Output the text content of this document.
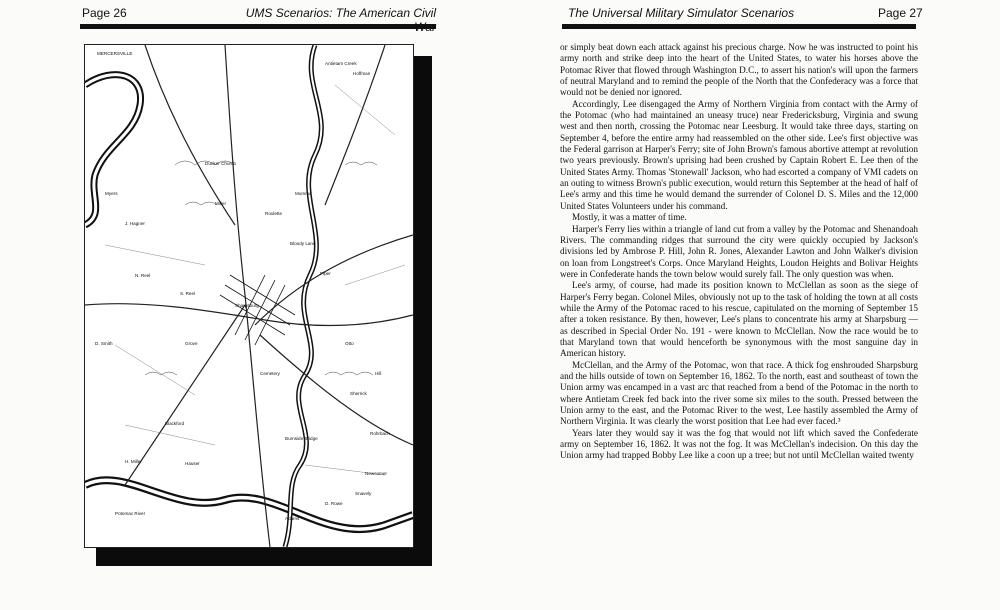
Page 26	UMS Scenarios: The American Civil	The Universal Military Simulator Scenarios	Page 27
MERCERSVILLE
Hoffman
Sharpsburg
Blackford
D. Smith
Bloody Lane
Hill
Adams
D. Rowe
Cemetery
J. Hagner
H. Miller
N. Reel
S. Reel
Roulette
Mumma
Piper
Burnside Bridge
Otto
Sherrick
Rohrbach
Grove
Dunker Church
Hauser
Snavely
Myers
Miller
Newcomer
Antietam Creek
Potomac River

or simply beat down each attack against his precious charge. Now he was instructed to point his army north and strike deep into the heart of the United States, to water his horses above the Potomac River that flowed through Washington D.C., to assert his nation's will upon the farmers of neutral Maryland and to remind the people of the North that the Confederacy was a force that would not be denied nor ignored.

Accordingly, Lee disengaged the Army of Northern Virginia from contact with the Army of the Potomac (who had maintained an uneasy truce) near Fredericksburg, Virginia and swung west and then north, crossing the Potomac near Leesburg. It would take three days, starting on September 4, before the entire army had reassembled on the other side. Lee's first objective was the Federal garrison at Harper's Ferry; site of John Brown's famous abortive attempt at revolution two years previously. Brown's uprising had been crushed by Captain Robert E. Lee then of the United States Army. Thomas 'Stonewall' Jackson, who had escorted a company of VMI cadets on an outing to witness Brown's public execution, would return this September at the head of half of Lee's army and this time he would demand the surrender of Colonel D. S. Miles and the 12,000 United States Volunteers under his command.

Mostly, it was a matter of time.

Harper's Ferry lies within a triangle of land cut from a valley by the Potomac and Shenandoah Rivers. The commanding ridges that surround the city were quickly occupied by Jackson's divisions led by Ambrose P. Hill, John R. Jones, Alexander Lawton and John Walker's division on loan from Longstreet's Corps. Once Maryland Heights, Loudon Heights and Bolivar Heights were in Confederate hands the town below would surely fall. The only question was when.

Lee's army, of course, had made its position known to McClellan as soon as the siege of Harper's Ferry began. Colonel Miles, obviously not up to the task of holding the town at all costs while the Army of the Potomac raced to his rescue, capitulated on the morning of September 15 after a token resistance. By then, however, Lee's plans to concentrate his army at Sharpsburg — as described in Special Order No. 191 - were known to McClellan. Now the race would be to that Maryland town that would henceforth be synonymous with the most sanguine day in American history.

McClellan, and the Army of the Potomac, won that race. A thick fog enshrouded Sharpsburg and the hills outside of town on September 16, 1862. To the north, east and southeast of town the Union army was encamped in a vast arc that reached from a bend of the Potomac in the north to where Antietam Creek fed back into the river some six miles to the south. Pressed between the Union army to the east, and the Potomac River to the west, Lee hastily assembled the Army of Northern Virginia. It was clearly the worst position that Lee had ever faced.³

Years later they would say it was the fog that would not lift which saved the Confederate army on September 16, 1862. It was not the fog. It was McClellan's indecision. On this day the Union army had trapped Bobby Lee like a coon up a tree; but not until McClellan waited twenty
